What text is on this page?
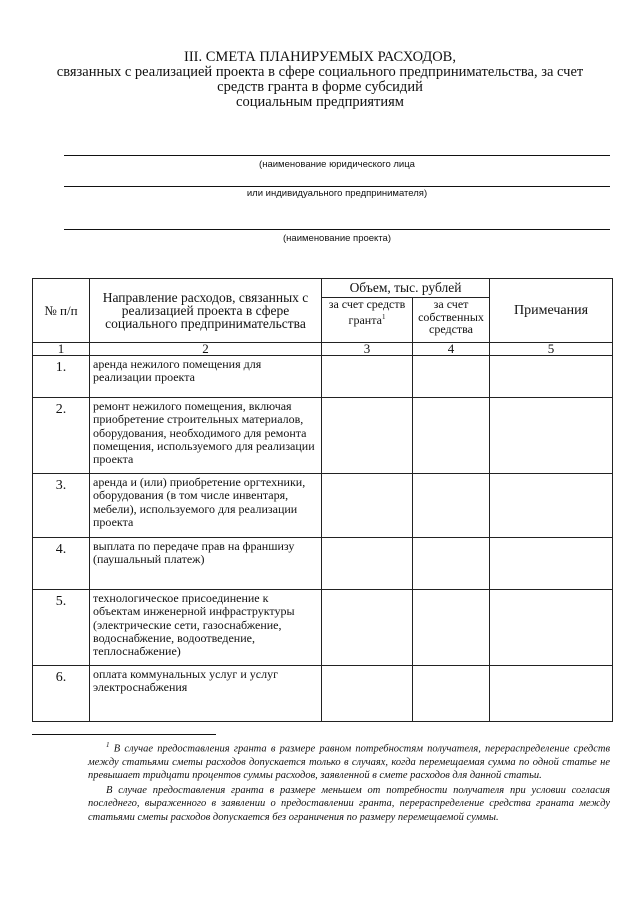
III. СМЕТА ПЛАНИРУЕМЫХ РАСХОДОВ,
связанных с реализацией проекта в сфере социального предпринимательства, за счет
средств гранта в форме субсидий
социальным предприятиям
(наименование юридического лица
или индивидуального предпринимателя)
(наименование проекта)
№ п/п	Направление расходов, связанных с реализацией проекта в сфере социального предпринимательства	Объем, тыс. рублей		Примечания
		за счет средств гранта$^1$	за счет собственных средства	
1	2	3	4	5
1.	аренда нежилого помещения для реализации проекта			
2.	ремонт нежилого помещения, включая приобретение строительных материалов, оборудования, необходимого для ремонта помещения, используемого для реализации проекта			
3.	аренда и (или) приобретение оргтехники, оборудования (в том числе инвентаря, мебели), используемого для реализации проекта			
4.	выплата по передаче прав на франшизу (паушальный платеж)			
5.	технологическое присоединение к объектам инженерной инфраструктуры (электрические сети, газоснабжение, водоснабжение, водоотведение, теплоснабжение)			
6.	оплата коммунальных услуг и услуг электроснабжения			

$^1$ В случае предоставления гранта в размере равном потребностям получателя, перераспределение средств между статьями сметы расходов допускается только в случаях, когда перемещаемая сумма по одной статье не превышает тридцати процентов суммы расходов, заявленной в смете расходов для данной статьи.

В случае предоставления гранта в размере меньшем от потребности получателя при условии согласия последнего, выраженного в заявлении о предоставлении гранта, перераспределение средства граната между статьями сметы расходов допускается без ограничения по размеру перемещаемой суммы.
